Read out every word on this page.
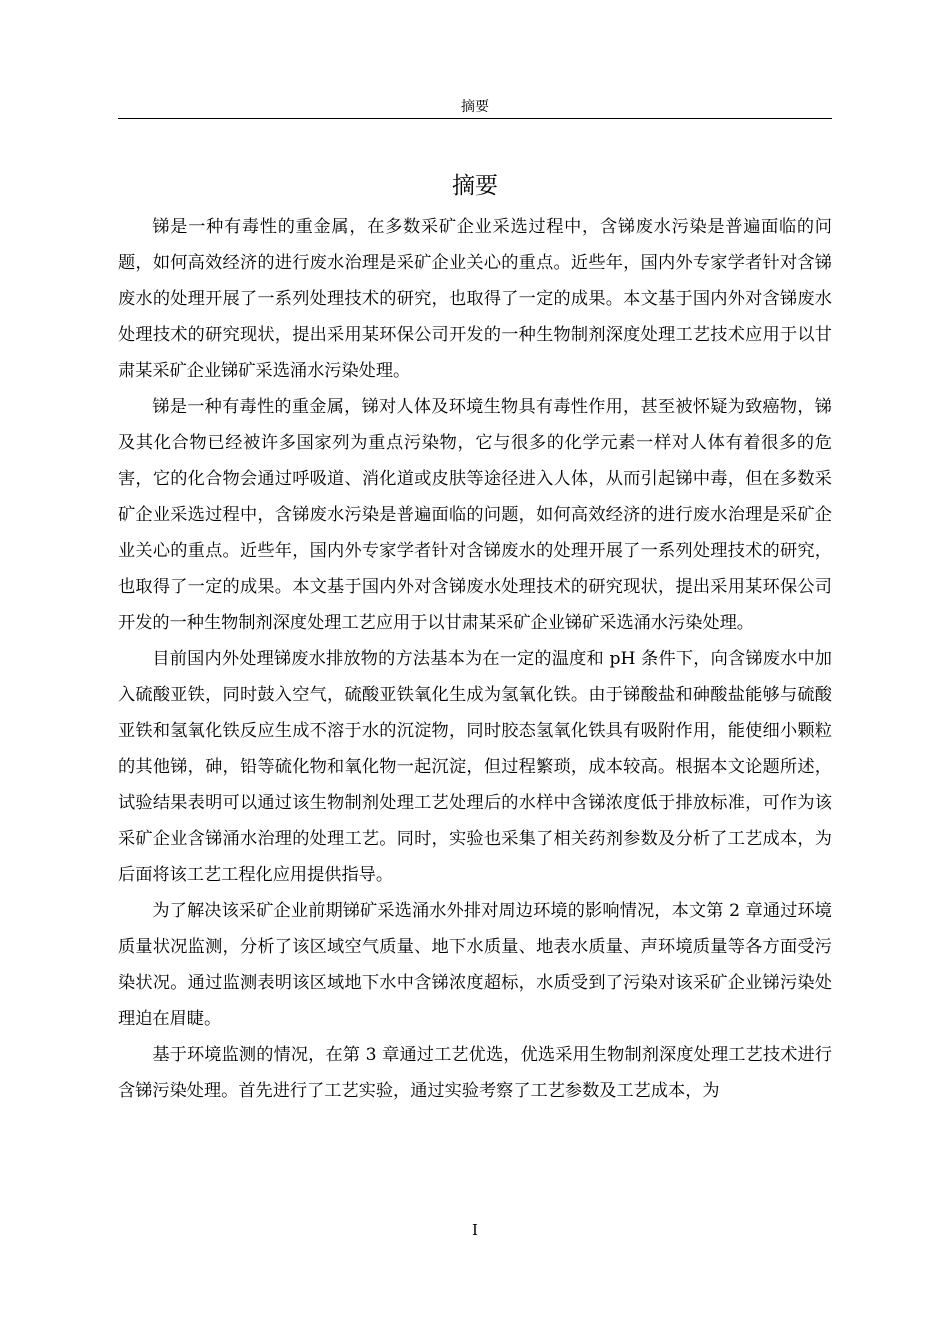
摘要
摘要

锑是一种有毒性的重金属，在多数采矿企业采选过程中，含锑废水污染是普遍面临的问题，如何高效经济的进行废水治理是采矿企业关心的重点。近些年，国内外专家学者针对含锑废水的处理开展了一系列处理技术的研究，也取得了一定的成果。本文基于国内外对含锑废水处理技术的研究现状，提出采用某环保公司开发的一种生物制剂深度处理工艺技术应用于以甘肃某采矿企业锑矿采选涌水污染处理。

锑是一种有毒性的重金属，锑对人体及环境生物具有毒性作用，甚至被怀疑为致癌物，锑及其化合物已经被许多国家列为重点污染物，它与很多的化学元素一样对人体有着很多的危害，它的化合物会通过呼吸道、消化道或皮肤等途径进入人体，从而引起锑中毒，但在多数采矿企业采选过程中，含锑废水污染是普遍面临的问题，如何高效经济的进行废水治理是采矿企业关心的重点。近些年，国内外专家学者针对含锑废水的处理开展了一系列处理技术的研究，也取得了一定的成果。本文基于国内外对含锑废水处理技术的研究现状，提出采用某环保公司开发的一种生物制剂深度处理工艺应用于以甘肃某采矿企业锑矿采选涌水污染处理。

目前国内外处理锑废水排放物的方法基本为在一定的温度和 pH 条件下，向含锑废水中加入硫酸亚铁，同时鼓入空气，硫酸亚铁氧化生成为氢氧化铁。由于锑酸盐和砷酸盐能够与硫酸亚铁和氢氧化铁反应生成不溶于水的沉淀物，同时胶态氢氧化铁具有吸附作用，能使细小颗粒的其他锑，砷，铅等硫化物和氧化物一起沉淀，但过程繁琐，成本较高。根据本文论题所述，试验结果表明可以通过该生物制剂处理工艺处理后的水样中含锑浓度低于排放标准，可作为该采矿企业含锑涌水治理的处理工艺。同时，实验也采集了相关药剂参数及分析了工艺成本，为后面将该工艺工程化应用提供指导。

为了解决该采矿企业前期锑矿采选涌水外排对周边环境的影响情况，本文第 2 章通过环境质量状况监测，分析了该区域空气质量、地下水质量、地表水质量、声环境质量等各方面受污染状况。通过监测表明该区域地下水中含锑浓度超标，水质受到了污染对该采矿企业锑污染处理迫在眉睫。

基于环境监测的情况，在第 3 章通过工艺优选，优选采用生物制剂深度处理工艺技术进行含锑污染处理。首先进行了工艺实验，通过实验考察了工艺参数及工艺成本，为

I
